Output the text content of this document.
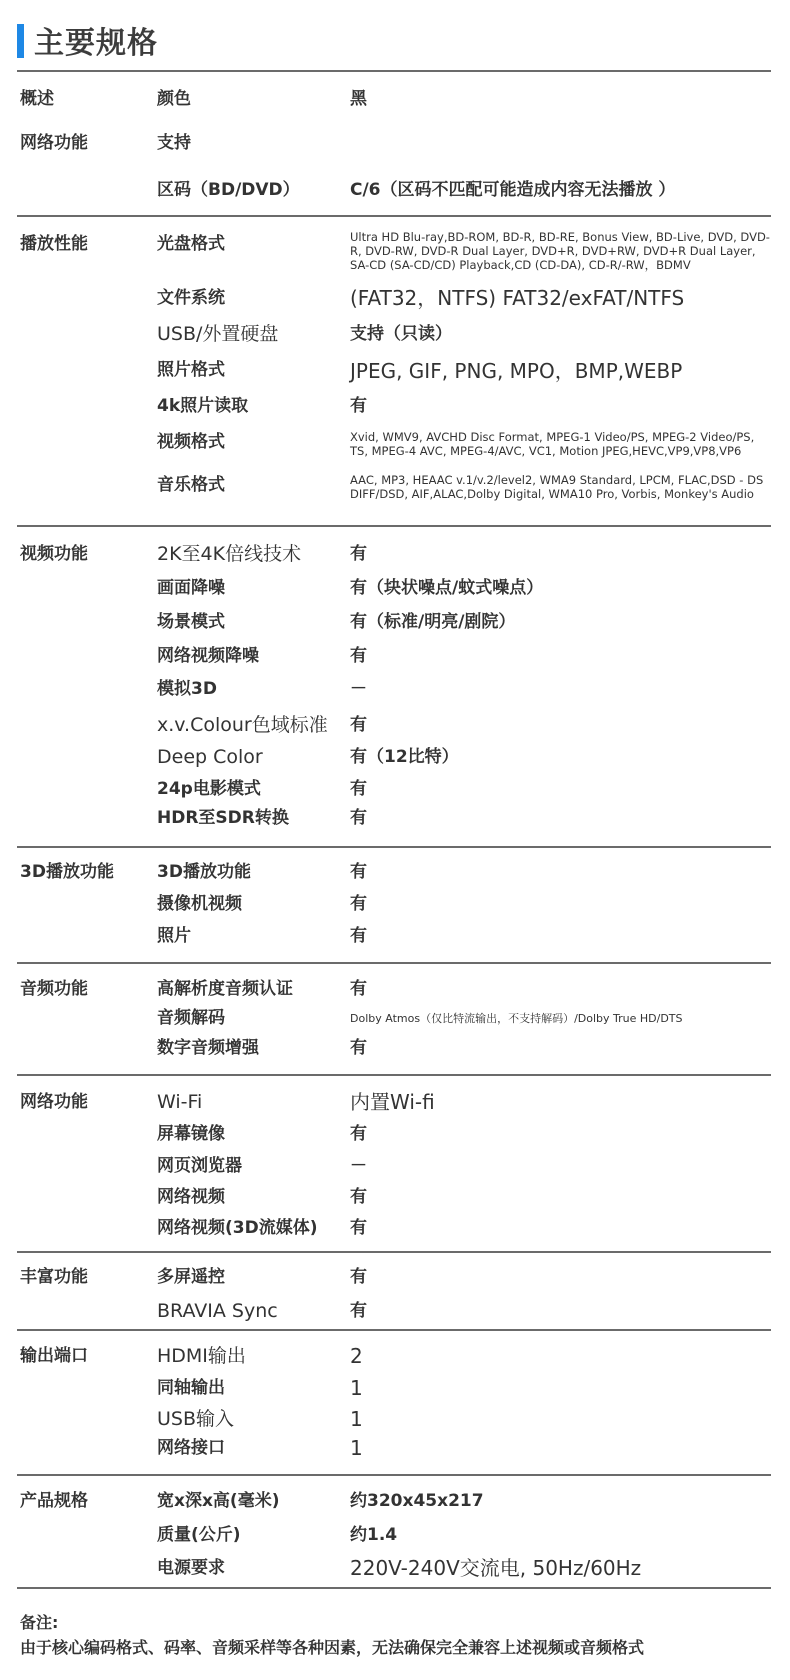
主要规格
概述	颜色	黑
网络功能	支持
区码（BD/DVD）	C/6（区码不匹配可能造成内容无法播放 ）
播放性能	光盘格式	Ultra HD Blu-ray,BD-ROM, BD-R, BD-RE, Bonus View, BD-Live, DVD, DVD-R, DVD-RW, DVD-R Dual Layer, DVD+R, DVD+RW, DVD+R Dual Layer, SA-CD (SA-CD/CD) Playback,CD (CD-DA), CD-R/-RW，BDMV
文件系统	(FAT32，NTFS) FAT32/exFAT/NTFS
USB/外置硬盘	支持（只读）
照片格式	JPEG, GIF, PNG, MPO，BMP,WEBP
4k照片读取	有
视频格式	Xvid, WMV9, AVCHD Disc Format, MPEG-1 Video/PS, MPEG-2 Video/PS, TS, MPEG-4 AVC, MPEG-4/AVC, VC1, Motion JPEG,HEVC,VP9,VP8,VP6
音乐格式	AAC, MP3, HEAAC v.1/v.2/level2, WMA9 Standard, LPCM, FLAC,DSD - DS DIFF/DSD, AIF,ALAC,Dolby Digital, WMA10 Pro, Vorbis, Monkey's Audio
视频功能	2K至4K倍线技术	有
画面降噪	有（块状噪点/蚊式噪点）
场景模式	有（标准/明亮/剧院）
网络视频降噪	有
模拟3D	－
x.v.Colour色域标准 有
Deep Color	有（12比特）
24p电影模式	有
HDR至SDR转换	有
3D播放功能	3D播放功能	有
摄像机视频	有
照片	有
音频功能	高解析度音频认证	有
音频解码	Dolby Atmos（仅比特流输出，不支持解码）/Dolby True HD/DTS
数字音频增强	有
网络功能	Wi-Fi	内置Wi-fi
屏幕镜像	有
网页浏览器	－
网络视频	有
网络视频(3D流媒体) 有
丰富功能	多屏遥控	有
BRAVIA Sync	有
输出端口	HDMI输出	2
同轴输出	1
USB输入	1
网络接口	1
产品规格	宽x深x高(毫米)	约320x45x217
质量(公斤)	约1.4
电源要求	220V-240V交流电, 50Hz/60Hz
备注:
由于核心编码格式、码率、音频采样等各种因素，无法确保完全兼容上述视频或音频格式
